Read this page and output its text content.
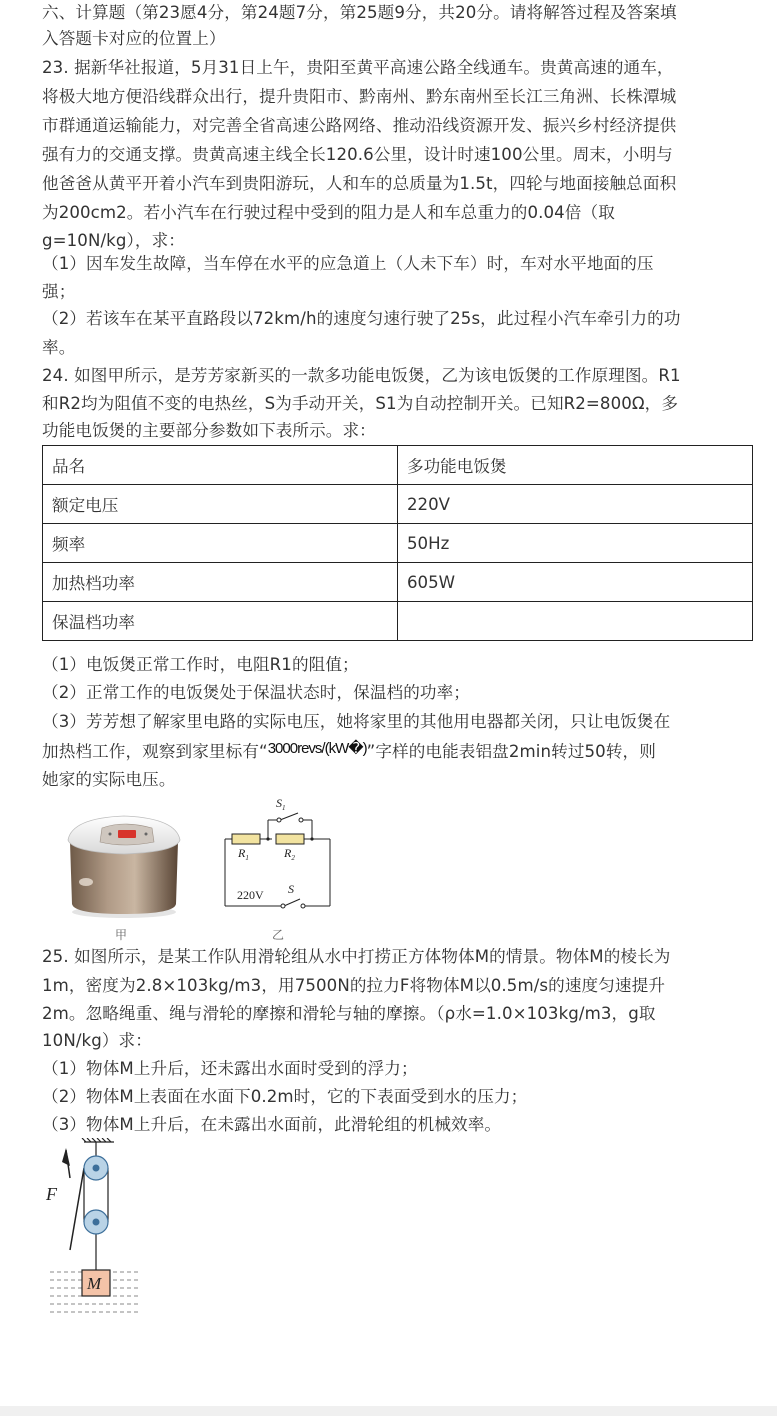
六、计算题（第23愿4分，第24题7分，第25题9分，共20分。请将解答过程及答案填
入答题卡对应的位置上）
23. 据新华社报道，5月31日上午，贵阳至黄平高速公路全线通车。贵黄高速的通车，
将极大地方便沿线群众出行，提升贵阳市、黔南州、黔东南州至长江三角洲、长株潭城
市群通道运输能力，对完善全省高速公路网络、推动沿线资源开发、振兴乡村经济提供
强有力的交通支撑。贵黄高速主线全长120.6公里，设计时速100公里。周末，小明与
他爸爸从黄平开着小汽车到贵阳游玩，人和车的总质量为1.5t，四轮与地面接触总面积
为200cm2。若小汽车在行驶过程中受到的阻力是人和车总重力的0.04倍（取
g=10N/kg），求：
（1）因车发生故障，当车停在水平的应急道上（人未下车）时，车对水平地面的压
强；
（2）若该车在某平直路段以72km/h的速度匀速行驶了25s，此过程小汽车牵引力的功
率。
24. 如图甲所示，是芳芳家新买的一款多功能电饭煲，乙为该电饭煲的工作原理图。R1
和R2均为阻值不变的电热丝，S为手动开关，S1为自动控制开关。已知R2=800Ω，多
功能电饭煲的主要部分参数如下表所示。求：
品名	多功能电饭煲
额定电压	220V
频率	50Hz
加热档功率	605W
保温档功率	
（1）电饭煲正常工作时，电阻R1的阻值；
（2）正常工作的电饭煲处于保温状态时，保温档的功率；
（3）芳芳想了解家里电路的实际电压，她将家里的其他用电器都关闭，只让电饭煲在
加热档工作，观察到家里标有“3000revs/(kW�)”字样的电能表铝盘2min转过50转，则
她家的实际电压。
甲
$S_1$
$R_1$	$R_2$
220V S
乙
25. 如图所示，是某工作队用滑轮组从水中打捞正方体物体M的情景。物体M的棱长为
1m，密度为2.8×103kg/m3，用7500N的拉力F将物体M以0.5m/s的速度匀速提升
2m。忽略绳重、绳与滑轮的摩擦和滑轮与轴的摩擦。（ρ水=1.0×103kg/m3，g取
10N/kg）求：
（1）物体M上升后，还未露出水面时受到的浮力；
（2）物体M上表面在水面下0.2m时，它的下表面受到水的压力；
（3）物体M上升后，在未露出水面前，此滑轮组的机械效率。
F
M
